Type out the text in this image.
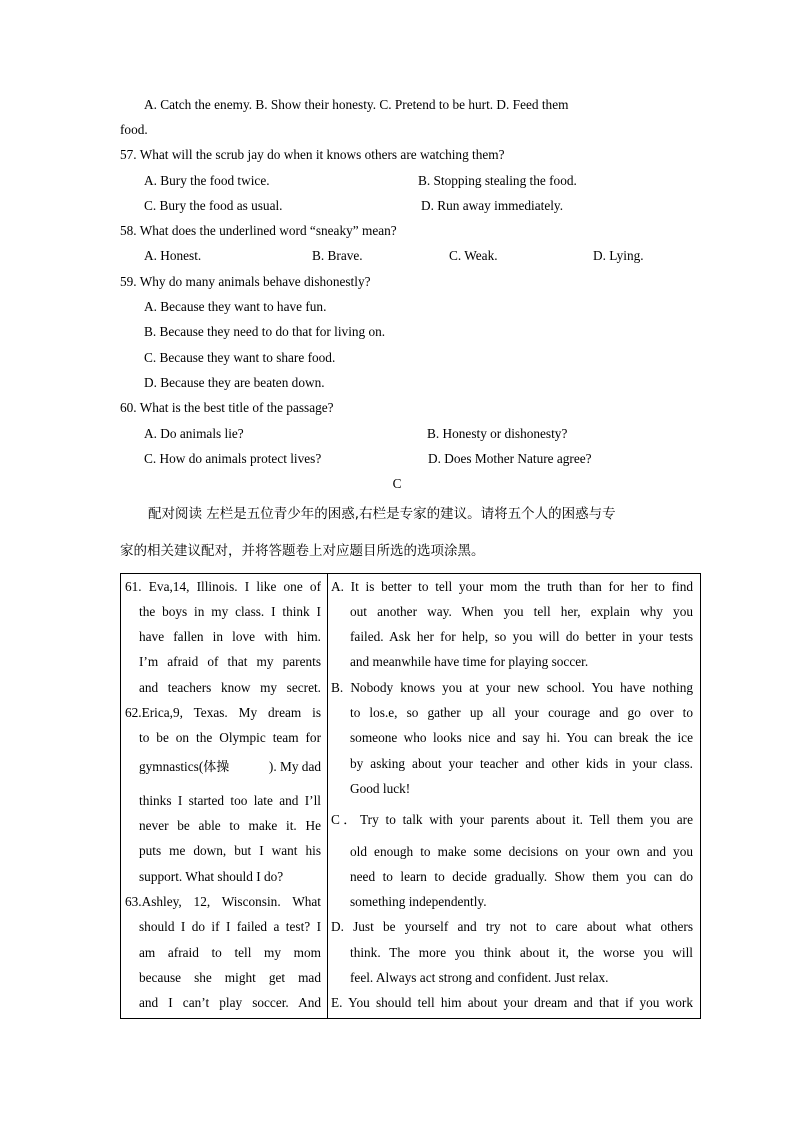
A. Catch the enemy. B. Show their honesty. C. Pretend to be hurt. D. Feed them
food.
57. What will the scrub jay do when it knows others are watching them?
A. Bury the food twice.	B. Stopping stealing the food.
C. Bury the food as usual.	D. Run away immediately.
58. What does the underlined word “sneaky” mean?
A. Honest.	B. Brave.	C. Weak.	D. Lying.
59. Why do many animals behave dishonestly?
A. Because they want to have fun.
B. Because they need to do that for living on.
C. Because they want to share food.
D. Because they are beaten down.
60. What is the best title of the passage?
A. Do animals lie?	B. Honesty or dishonesty?
C. How do animals protect lives?	D. Does Mother Nature agree?
C
配对阅读 左栏是五位青少年的困惑,右栏是专家的建议。请将五个人的困惑与专
家的相关建议配对，并将答题卷上对应题目所选的选项涂黑。
61. Eva,14, Illinois. I like one of
the boys in my class. I think I
have fallen in love with him.
I’m afraid of that my parents
and teachers know my secret.
62.Erica,9, Texas. My dream is
to be on the Olympic team for
gymnastics(体操	). My dad
thinks I started too late and I’ll
never be able to make it. He
puts me down, but I want his
support. What should I do?
63.Ashley, 12, Wisconsin. What
should I do if I failed a test? I
am afraid to tell my mom
because she might get mad
and I can’t play soccer. And
A. It is better to tell your mom the truth than for her to find
out another way. When you tell her, explain why you
failed. Ask her for help, so you will do better in your tests
and meanwhile have time for playing soccer.
B. Nobody knows you at your new school. You have nothing
to los.e, so gather up all your courage and go over to
someone who looks nice and say hi. You can break the ice
by asking about your teacher and other kids in your class.
Good luck!
C．Try to talk with your parents about it. Tell them you are
old enough to make some decisions on your own and you
need to learn to decide gradually. Show them you can do
something independently.
D. Just be yourself and try not to care about what others
think. The more you think about it, the worse you will
feel. Always act strong and confident. Just relax.
E. You should tell him about your dream and that if you work
